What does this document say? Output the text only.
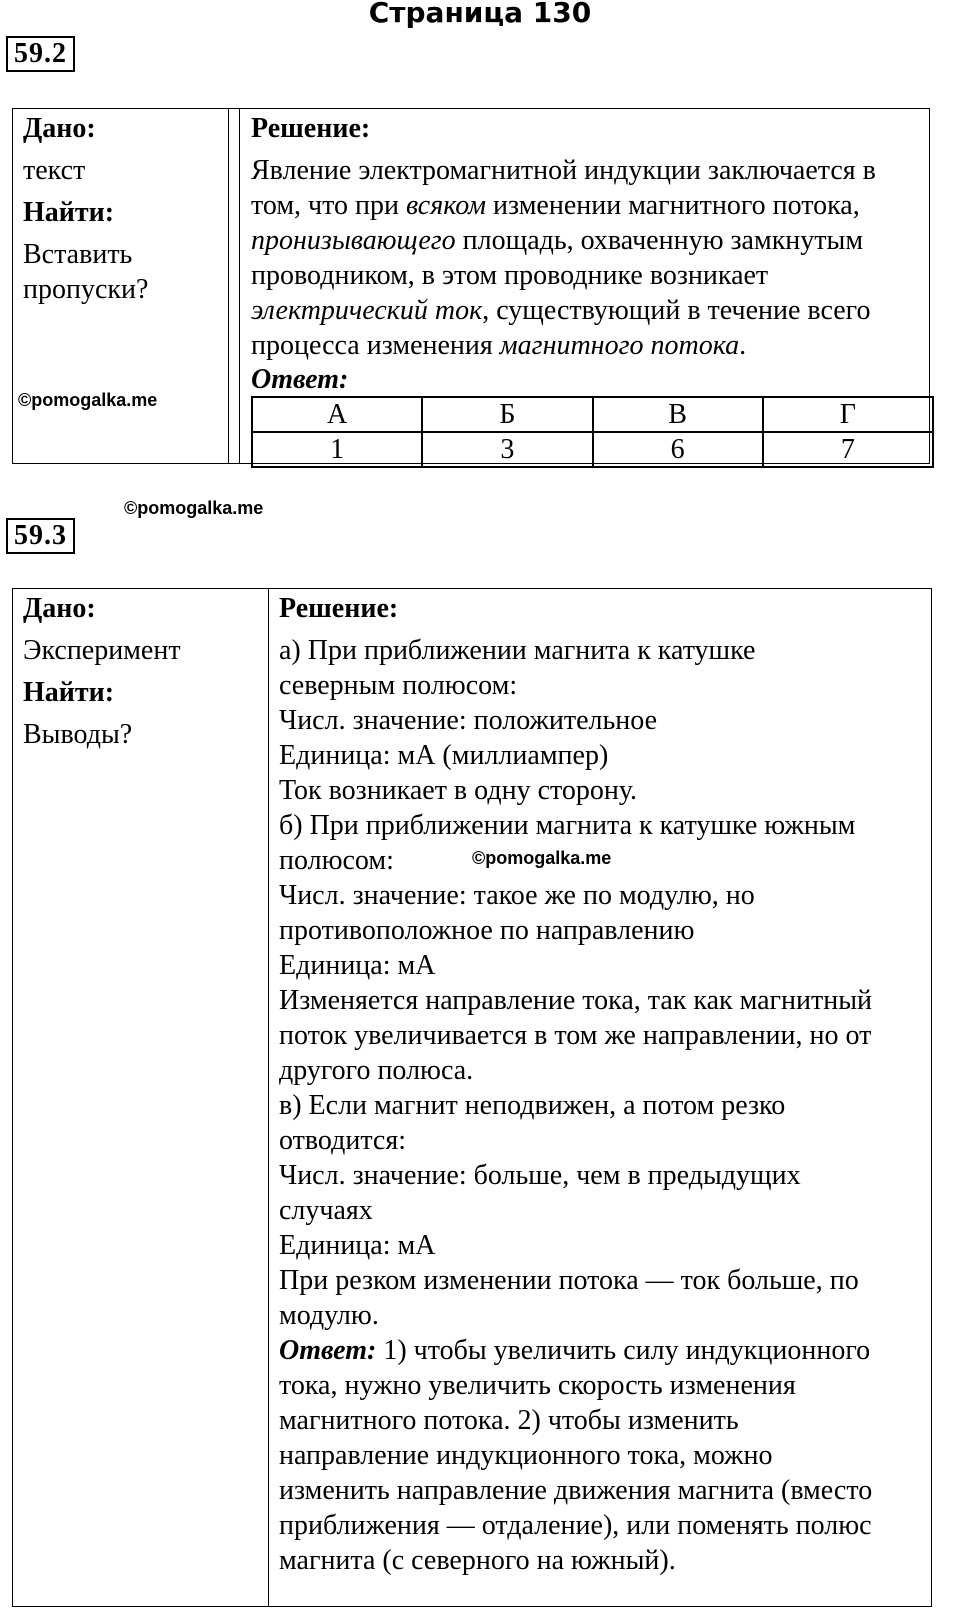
Страница 130
59.2

Дано:

текст

Найти:

Вставить

пропуски?

Решение:

Явление электромагнитной индукции заключается в

том, что при всяком изменении магнитного потока,

пронизывающего площадь, охваченную замкнутым

проводником, в этом проводнике возникает

электрический ток, существующий в течение всего

процесса изменения магнитного потока.

Ответ:

А	Б	В	Г
1	3	6	7
©pomogalka.me
©pomogalka.me
59.3

Дано:

Эксперимент

Найти:

Выводы?

Решение:

а) При приближении магнита к катушке

северным полюсом:

Числ. значение: положительное

Единица: мА (миллиампер)

Ток возникает в одну сторону.

б) При приближении магнита к катушке южным

полюсом:

Числ. значение: такое же по модулю, но

противоположное по направлению

Единица: мА

Изменяется направление тока, так как магнитный

поток увеличивается в том же направлении, но от

другого полюса.

в) Если магнит неподвижен, а потом резко

отводится:

Числ. значение: больше, чем в предыдущих

случаях

Единица: мА

При резком изменении потока — ток больше, по

модулю.

Ответ: 1) чтобы увеличить силу индукционного

тока, нужно увеличить скорость изменения

магнитного потока. 2) чтобы изменить

направление индукционного тока, можно

изменить направление движения магнита (вместо

приближения — отдаление), или поменять полюс

магнита (с северного на южный).

©pomogalka.me
